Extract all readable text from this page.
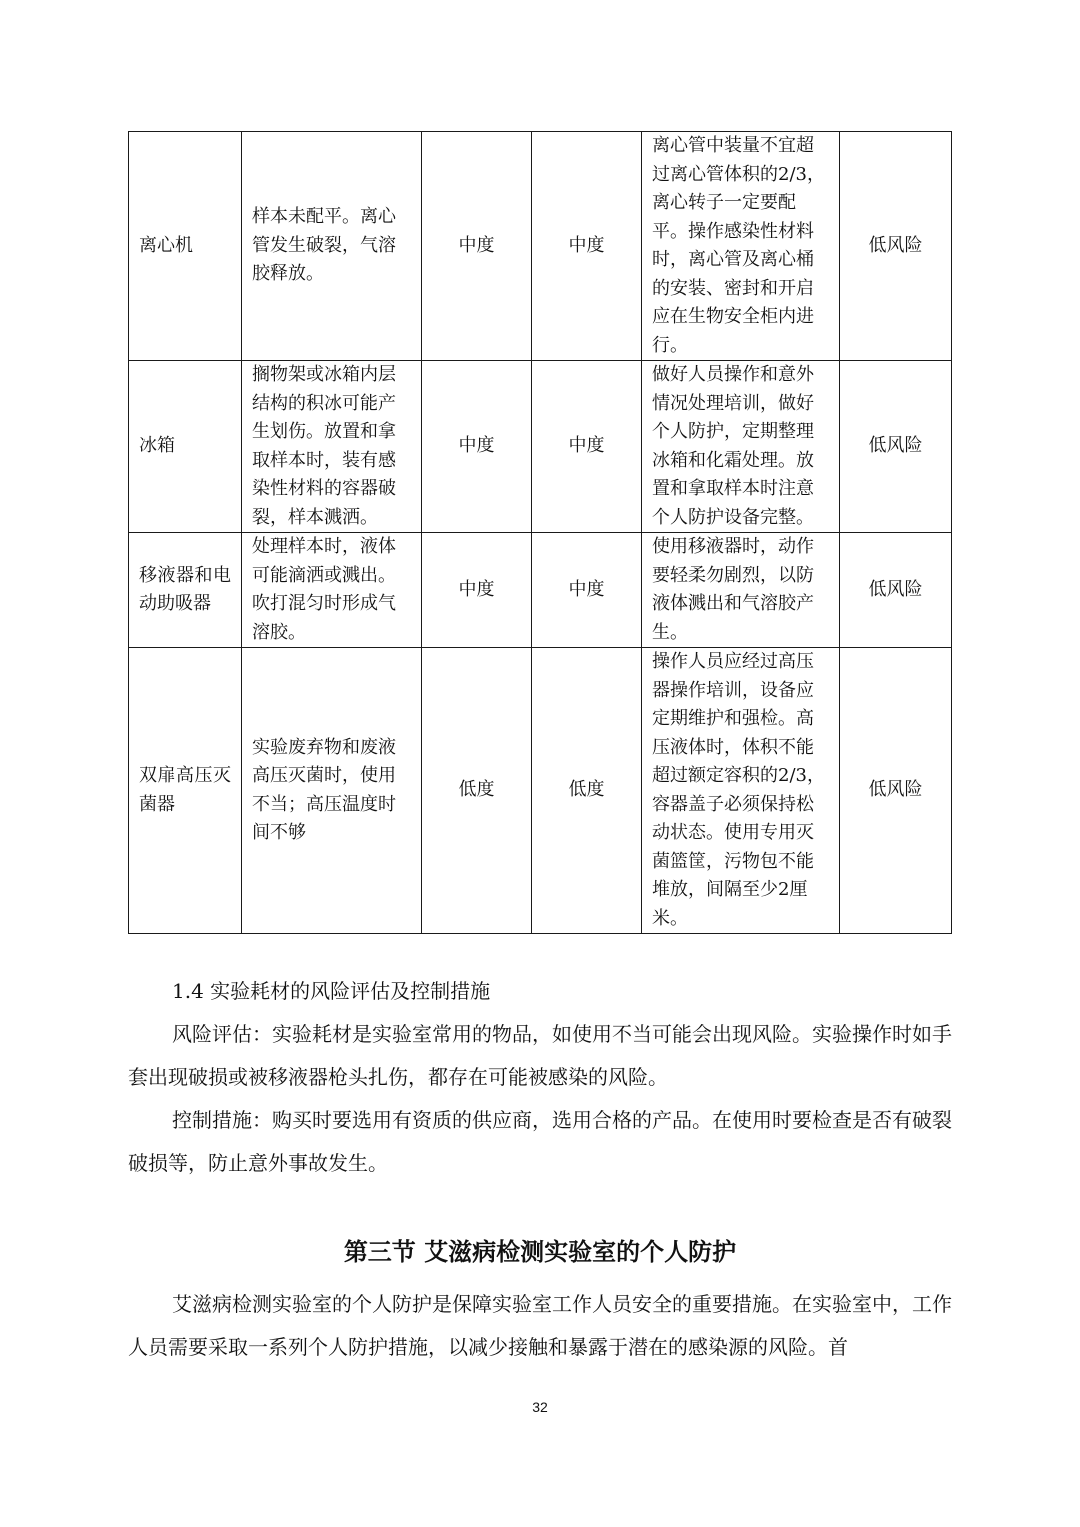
离心机	样本未配平。离心管发生破裂，气溶胶释放。	中度	中度	离心管中装量不宜超过离心管体积的2/3，离心转子一定要配平。操作感染性材料时，离心管及离心桶的安装、密封和开启应在生物安全柜内进行。	低风险
冰箱	搁物架或冰箱内层结构的积冰可能产生划伤。放置和拿取样本时，装有感染性材料的容器破裂，样本溅洒。	中度	中度	做好人员操作和意外情况处理培训，做好个人防护，定期整理冰箱和化霜处理。放置和拿取样本时注意个人防护设备完整。	低风险
移液器和电动助吸器	处理样本时，液体可能滴洒或溅出。吹打混匀时形成气溶胶。	中度	中度	使用移液器时，动作要轻柔勿剧烈，以防液体溅出和气溶胶产生。	低风险
双扉高压灭菌器	实验废弃物和废液高压灭菌时，使用不当；高压温度时间不够	低度	低度	操作人员应经过高压器操作培训，设备应定期维护和强检。高压液体时，体积不能超过额定容积的2/3，容器盖子必须保持松动状态。使用专用灭菌篮筐，污物包不能堆放，间隔至少2厘米。	低风险

1.4 实验耗材的风险评估及控制措施

风险评估：实验耗材是实验室常用的物品，如使用不当可能会出现风险。实验操作时如手套出现破损或被移液器枪头扎伤，都存在可能被感染的风险。

控制措施：购买时要选用有资质的供应商，选用合格的产品。在使用时要检查是否有破裂破损等，防止意外事故发生。

第三节 艾滋病检测实验室的个人防护

艾滋病检测实验室的个人防护是保障实验室工作人员安全的重要措施。在实验室中，工作人员需要采取一系列个人防护措施，以减少接触和暴露于潜在的感染源的风险。首

32
